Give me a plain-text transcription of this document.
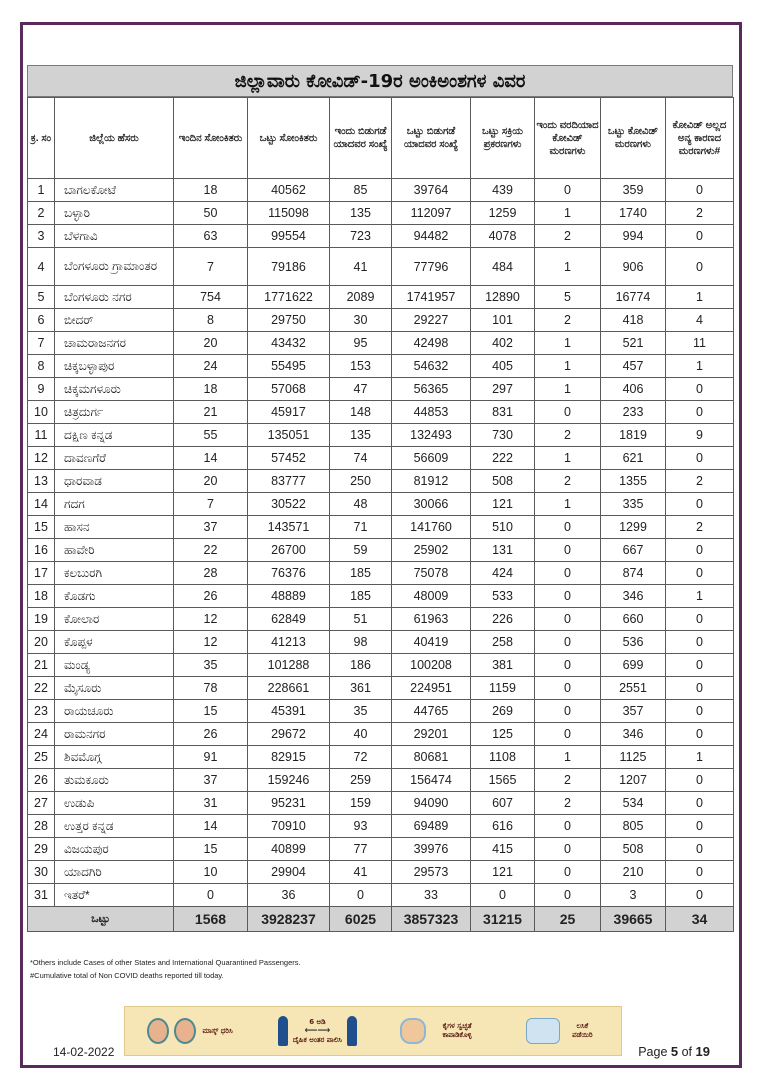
ಜಿಲ್ಲಾವಾರು ಕೋವಿಡ್-19ರ ಅಂಕಿಅಂಶಗಳ ವಿವರ
ಕ್ರ. ಸಂ	ಜಿಲ್ಲೆಯ ಹೆಸರು	ಇಂದಿನ ಸೋಂಕಿತರು	ಒಟ್ಟು ಸೋಂಕಿತರು	ಇಂದು ಬಿಡುಗಡೆ ಯಾದವರ ಸಂಖ್ಯೆ	ಒಟ್ಟು ಬಿಡುಗಡೆ ಯಾದವರ ಸಂಖ್ಯೆ	ಒಟ್ಟು ಸಕ್ರಿಯ ಪ್ರಕರಣಗಳು	ಇಂದು ವರದಿಯಾದ ಕೋವಿಡ್ ಮರಣಗಳು	ಒಟ್ಟು ಕೋವಿಡ್ ಮರಣಗಳು	ಕೋವಿಡ್ ಅಲ್ಲದ ಅನ್ಯ ಕಾರಣದ ಮರಣಗಳು#
1	ಬಾಗಲಕೋಟೆ	18	40562	85	39764	439	0	359	0
2	ಬಳ್ಳಾರಿ	50	115098	135	112097	1259	1	1740	2
3	ಬೆಳಗಾವಿ	63	99554	723	94482	4078	2	994	0
4	ಬೆಂಗಳೂರು ಗ್ರಾಮಾಂತರ	7	79186	41	77796	484	1	906	0
5	ಬೆಂಗಳೂರು ನಗರ	754	1771622	2089	1741957	12890	5	16774	1
6	ಬೀದರ್	8	29750	30	29227	101	2	418	4
7	ಚಾಮರಾಜನಗರ	20	43432	95	42498	402	1	521	11
8	ಚಿಕ್ಕಬಳ್ಳಾಪುರ	24	55495	153	54632	405	1	457	1
9	ಚಿಕ್ಕಮಗಳೂರು	18	57068	47	56365	297	1	406	0
10	ಚಿತ್ರದುರ್ಗ	21	45917	148	44853	831	0	233	0
11	ದಕ್ಷಿಣ ಕನ್ನಡ	55	135051	135	132493	730	2	1819	9
12	ದಾವಣಗೆರೆ	14	57452	74	56609	222	1	621	0
13	ಧಾರವಾಡ	20	83777	250	81912	508	2	1355	2
14	ಗದಗ	7	30522	48	30066	121	1	335	0
15	ಹಾಸನ	37	143571	71	141760	510	0	1299	2
16	ಹಾವೇರಿ	22	26700	59	25902	131	0	667	0
17	ಕಲಬುರಗಿ	28	76376	185	75078	424	0	874	0
18	ಕೊಡಗು	26	48889	185	48009	533	0	346	1
19	ಕೋಲಾರ	12	62849	51	61963	226	0	660	0
20	ಕೊಪ್ಪಳ	12	41213	98	40419	258	0	536	0
21	ಮಂಡ್ಯ	35	101288	186	100208	381	0	699	0
22	ಮೈಸೂರು	78	228661	361	224951	1159	0	2551	0
23	ರಾಯಚೂರು	15	45391	35	44765	269	0	357	0
24	ರಾಮನಗರ	26	29672	40	29201	125	0	346	0
25	ಶಿವಮೊಗ್ಗ	91	82915	72	80681	1108	1	1125	1
26	ತುಮಕೂರು	37	159246	259	156474	1565	2	1207	0
27	ಉಡುಪಿ	31	95231	159	94090	607	2	534	0
28	ಉತ್ತರ ಕನ್ನಡ	14	70910	93	69489	616	0	805	0
29	ವಿಜಯಪುರ	15	40899	77	39976	415	0	508	0
30	ಯಾದಗಿರಿ	10	29904	41	29573	121	0	210	0
31	ಇತರೆ*	0	36	0	33	0	0	3	0
ಒಟ್ಟು		1568	3928237	6025	3857323	31215	25	39665	34
*Others include Cases of other States and International Quarantined Passengers.
#Cumulative total of Non COVID deaths reported till today.
ಮಾಸ್ಕ್ ಧರಿಸಿ
6 ಅಡಿ
⟵⟶
ದೈಹಿಕ ಅಂತರ ಪಾಲಿಸಿ
ಕೈಗಳ ಸ್ವಚ್ಛತೆ ಕಾಪಾಡಿಕೊಳ್ಳಿ
ಲಸಿಕೆ ಪಡೆಯಿರಿ
14-02-2022	Page 5 of 19
